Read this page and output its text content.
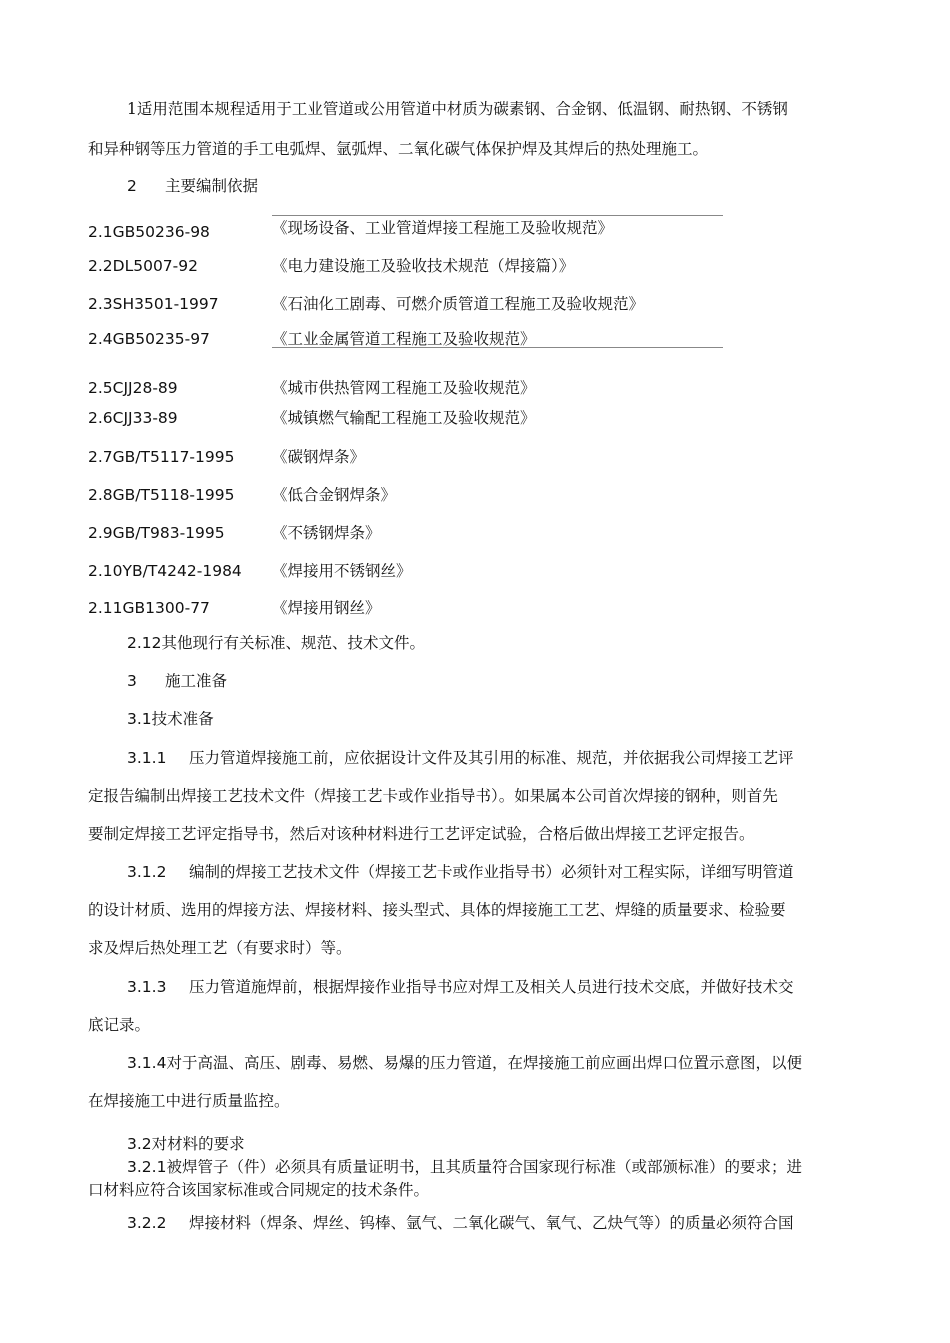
1适用范围本规程适用于工业管道或公用管道中材质为碳素钢、合金钢、低温钢、耐热钢、不锈钢
和异种钢等压力管道的手工电弧焊、氩弧焊、二氧化碳气体保护焊及其焊后的热处理施工。
2 主要编制依据
2.1GB50236-98	《现场设备、工业管道焊接工程施工及验收规范》
2.2DL5007-92	《电力建设施工及验收技术规范（焊接篇）》
2.3SH3501-1997	《石油化工剧毒、可燃介质管道工程施工及验收规范》
2.4GB50235-97	《工业金属管道工程施工及验收规范》
2.5CJJ28-89	《城市供热管网工程施工及验收规范》
2.6CJJ33-89	《城镇燃气输配工程施工及验收规范》
2.7GB/T5117-1995 《碳钢焊条》
2.8GB/T5118-1995 《低合金钢焊条》
2.9GB/T983-1995	《不锈钢焊条》
2.10YB/T4242-1984 《焊接用不锈钢丝》
2.11GB1300-77	《焊接用钢丝》
2.12其他现行有关标准、规范、技术文件。
3 施工准备
3.1技术准备
3.1.1 压力管道焊接施工前，应依据设计文件及其引用的标准、规范，并依据我公司焊接工艺评
定报告编制出焊接工艺技术文件（焊接工艺卡或作业指导书）。如果属本公司首次焊接的钢种，则首先
要制定焊接工艺评定指导书，然后对该种材料进行工艺评定试验，合格后做出焊接工艺评定报告。
3.1.2 编制的焊接工艺技术文件（焊接工艺卡或作业指导书）必须针对工程实际，详细写明管道
的设计材质、选用的焊接方法、焊接材料、接头型式、具体的焊接施工工艺、焊缝的质量要求、检验要
求及焊后热处理工艺（有要求时）等。
3.1.3 压力管道施焊前，根据焊接作业指导书应对焊工及相关人员进行技术交底，并做好技术交
底记录。
3.1.4对于高温、高压、剧毒、易燃、易爆的压力管道，在焊接施工前应画出焊口位置示意图，以便
在焊接施工中进行质量监控。
3.2对材料的要求
3.2.1被焊管子（件）必须具有质量证明书，且其质量符合国家现行标准（或部颁标准）的要求；进
口材料应符合该国家标准或合同规定的技术条件。
3.2.2 焊接材料（焊条、焊丝、钨棒、氩气、二氧化碳气、氧气、乙炔气等）的质量必须符合国
